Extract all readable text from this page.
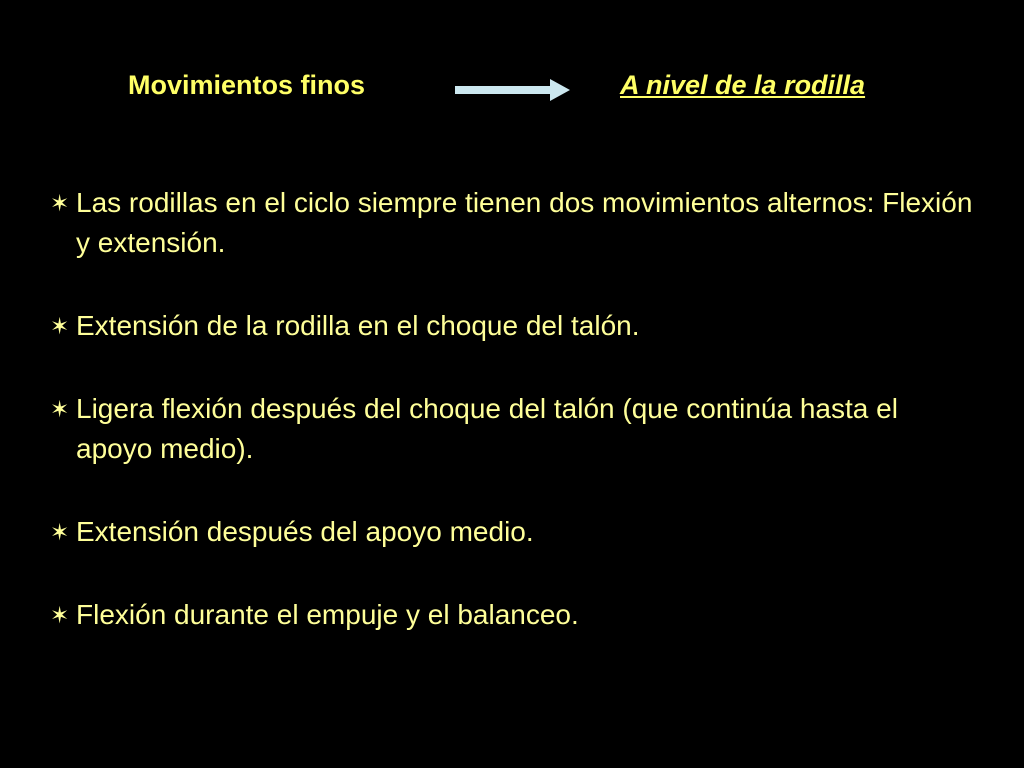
Movimientos finos	A nivel de la rodilla
✶ Las rodillas en el ciclo siempre tienen dos movimientos alternos: Flexión y extensión.
✶ Extensión de la rodilla en el choque del talón.
✶ Ligera flexión después del choque del talón (que continúa hasta el apoyo medio).
✶ Extensión después del apoyo medio.
✶ Flexión durante el empuje y el balanceo.
